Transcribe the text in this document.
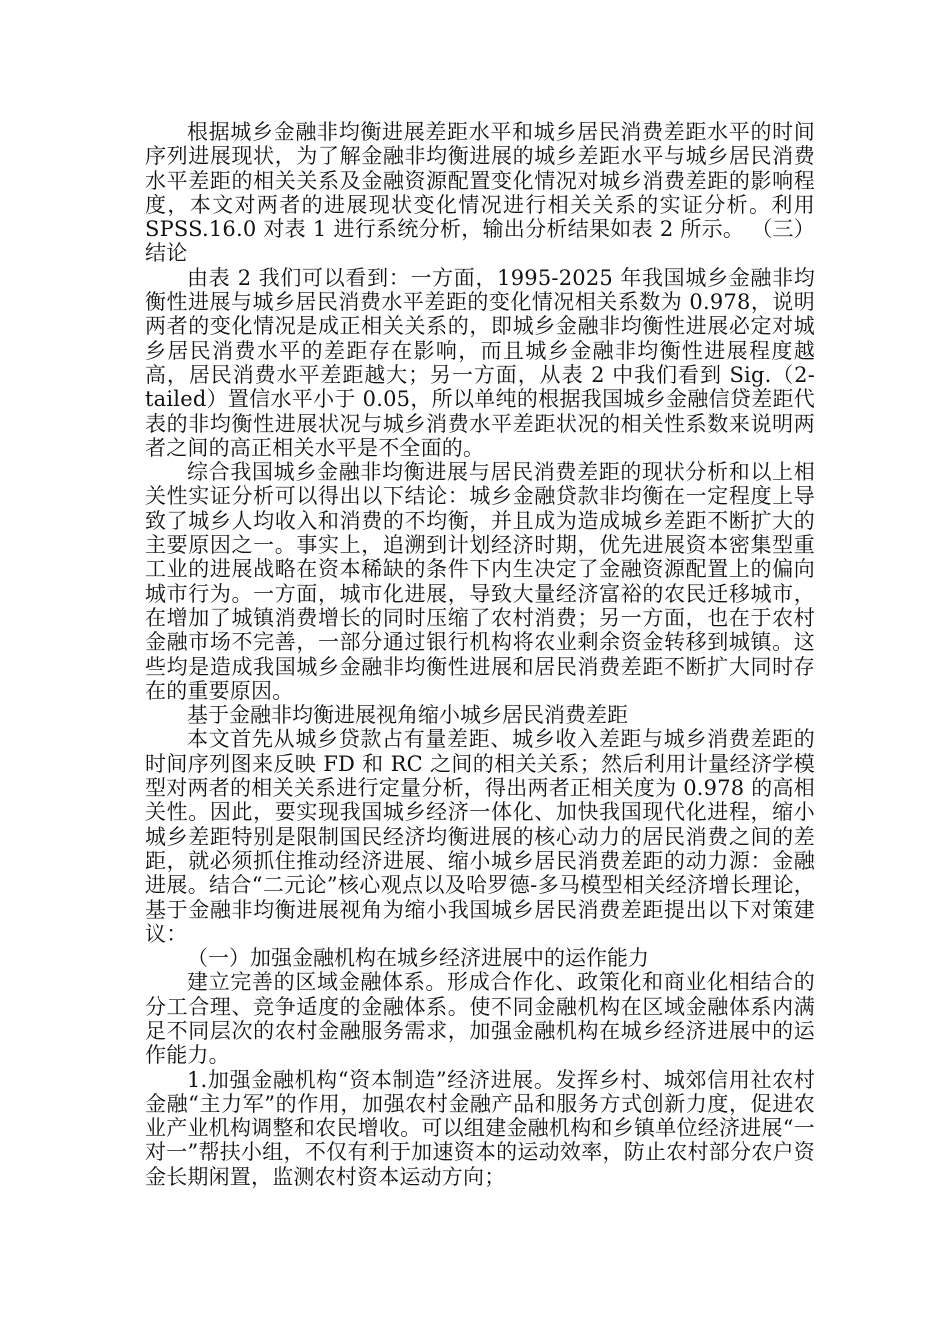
根据城乡金融非均衡进展差距水平和城乡居民消费差距水平的时间序列进展现状，为了解金融非均衡进展的城乡差距水平与城乡居民消费水平差距的相关关系及金融资源配置变化情况对城乡消费差距的影响程度，本文对两者的进展现状变化情况进行相关关系的实证分析。利用 SPSS.16.0 对表 1 进行系统分析，输出分析结果如表 2 所示。 （三）结论

由表 2 我们可以看到：一方面，1995-2025 年我国城乡金融非均衡性进展与城乡居民消费水平差距的变化情况相关系数为 0.978，说明两者的变化情况是成正相关关系的，即城乡金融非均衡性进展必定对城乡居民消费水平的差距存在影响，而且城乡金融非均衡性进展程度越高，居民消费水平差距越大；另一方面，从表 2 中我们看到 Sig.（2-tailed）置信水平小于 0.05，所以单纯的根据我国城乡金融信贷差距代表的非均衡性进展状况与城乡消费水平差距状况的相关性系数来说明两者之间的高正相关水平是不全面的。

综合我国城乡金融非均衡进展与居民消费差距的现状分析和以上相关性实证分析可以得出以下结论：城乡金融贷款非均衡在一定程度上导致了城乡人均收入和消费的不均衡，并且成为造成城乡差距不断扩大的主要原因之一。事实上，追溯到计划经济时期，优先进展资本密集型重工业的进展战略在资本稀缺的条件下内生决定了金融资源配置上的偏向城市行为。一方面，城市化进展，导致大量经济富裕的农民迁移城市，在增加了城镇消费增长的同时压缩了农村消费；另一方面，也在于农村金融市场不完善，一部分通过银行机构将农业剩余资金转移到城镇。这些均是造成我国城乡金融非均衡性进展和居民消费差距不断扩大同时存在的重要原因。

基于金融非均衡进展视角缩小城乡居民消费差距

本文首先从城乡贷款占有量差距、城乡收入差距与城乡消费差距的时间序列图来反映 FD 和 RC 之间的相关关系；然后利用计量经济学模型对两者的相关关系进行定量分析，得出两者正相关度为 0.978 的高相关性。因此，要实现我国城乡经济一体化、加快我国现代化进程，缩小城乡差距特别是限制国民经济均衡进展的核心动力的居民消费之间的差距，就必须抓住推动经济进展、缩小城乡居民消费差距的动力源：金融进展。结合“二元论”核心观点以及哈罗德-多马模型相关经济增长理论，基于金融非均衡进展视角为缩小我国城乡居民消费差距提出以下对策建议：

（一）加强金融机构在城乡经济进展中的运作能力

建立完善的区域金融体系。形成合作化、政策化和商业化相结合的分工合理、竞争适度的金融体系。使不同金融机构在区域金融体系内满足不同层次的农村金融服务需求，加强金融机构在城乡经济进展中的运作能力。

1.加强金融机构“资本制造”经济进展。发挥乡村、城郊信用社农村金融“主力军”的作用，加强农村金融产品和服务方式创新力度，促进农业产业机构调整和农民增收。可以组建金融机构和乡镇单位经济进展“一对一”帮扶小组，不仅有利于加速资本的运动效率，防止农村部分农户资金长期闲置，监测农村资本运动方向；
